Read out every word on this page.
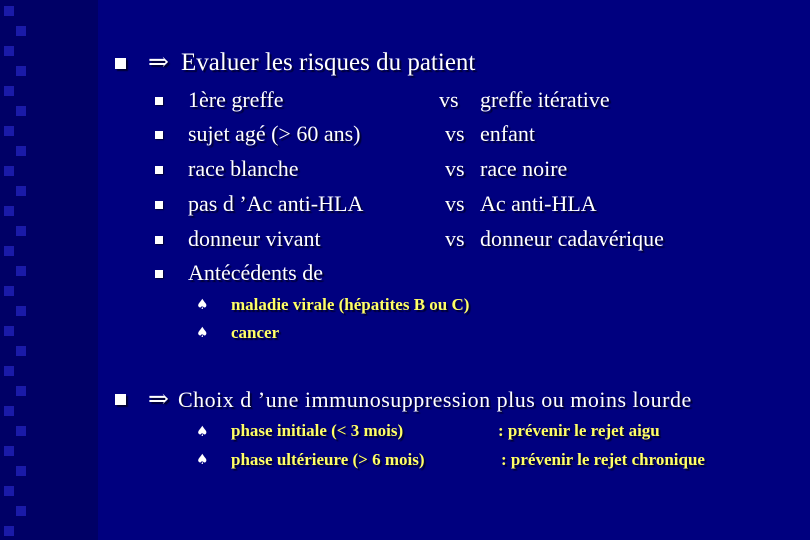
⇒ Evaluer les risques du patient
1ère greffe	vs greffe itérative
sujet agé (> 60 ans)	vs enfant
race blanche	vs race noire
pas d ’Ac anti-HLA	vs Ac anti-HLA
donneur vivant	vs donneur cadavérique
Antécédents de
♠ maladie virale (hépatites B ou C)
♠ cancer
⇒ Choix d ’une immunosuppression plus ou moins lourde
♠ phase initiale (< 3 mois)	: prévenir le rejet aigu
♠ phase ultérieure (> 6 mois)	: prévenir le rejet chronique
